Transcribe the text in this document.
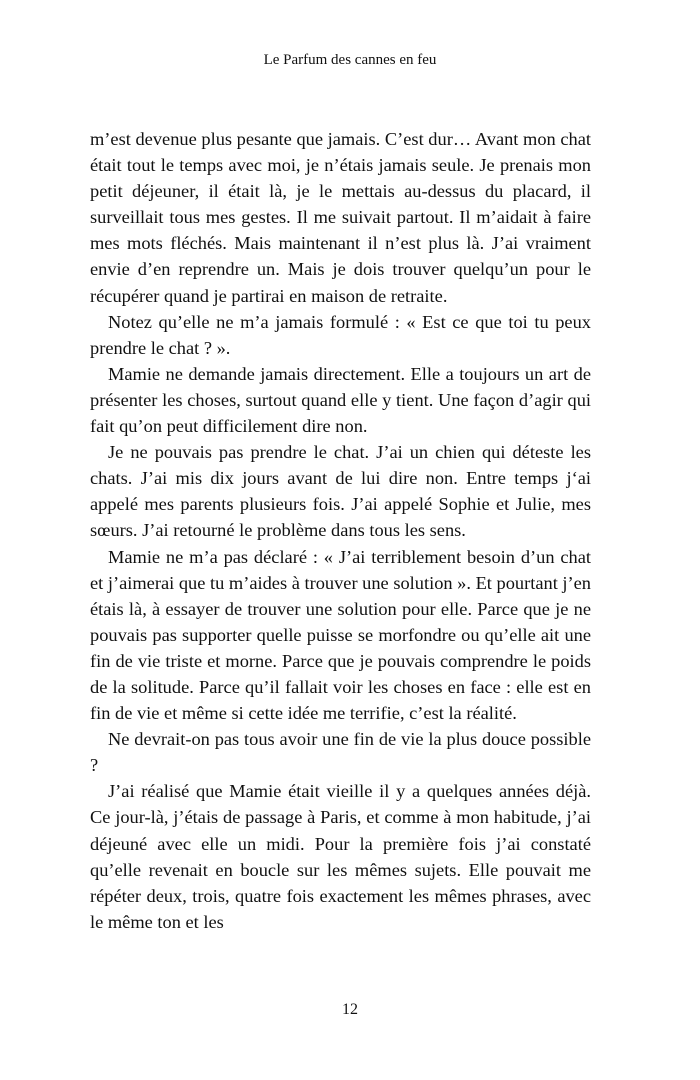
Le Parfum des cannes en feu

m’est devenue plus pesante que jamais. C’est dur… Avant mon chat était tout le temps avec moi, je n’étais jamais seule. Je prenais mon petit déjeuner, il était là, je le mettais au-dessus du placard, il surveillait tous mes gestes. Il me suivait partout. Il m’aidait à faire mes mots fléchés. Mais maintenant il n’est plus là. J’ai vraiment envie d’en reprendre un. Mais je dois trouver quelqu’un pour le récupérer quand je partirai en maison de retraite.

Notez qu’elle ne m’a jamais formulé : « Est ce que toi tu peux prendre le chat ? ».

Mamie ne demande jamais directement. Elle a toujours un art de présenter les choses, surtout quand elle y tient. Une façon d’agir qui fait qu’on peut difficilement dire non.

Je ne pouvais pas prendre le chat. J’ai un chien qui déteste les chats. J’ai mis dix jours avant de lui dire non. Entre temps j‘ai appelé mes parents plusieurs fois. J’ai appelé Sophie et Julie, mes sœurs. J’ai retourné le problème dans tous les sens.

Mamie ne m’a pas déclaré : « J’ai terriblement besoin d’un chat et j’aimerai que tu m’aides à trouver une solution ». Et pourtant j’en étais là, à essayer de trouver une solution pour elle. Parce que je ne pouvais pas supporter quelle puisse se morfondre ou qu’elle ait une fin de vie triste et morne. Parce que je pouvais comprendre le poids de la solitude. Parce qu’il fallait voir les choses en face : elle est en fin de vie et même si cette idée me terrifie, c’est la réalité.

Ne devrait-on pas tous avoir une fin de vie la plus douce possible ?

J’ai réalisé que Mamie était vieille il y a quelques années déjà. Ce jour-là, j’étais de passage à Paris, et comme à mon habitude, j’ai déjeuné avec elle un midi. Pour la première fois j’ai constaté qu’elle revenait en boucle sur les mêmes sujets. Elle pouvait me répéter deux, trois, quatre fois exactement les mêmes phrases, avec le même ton et les

12
